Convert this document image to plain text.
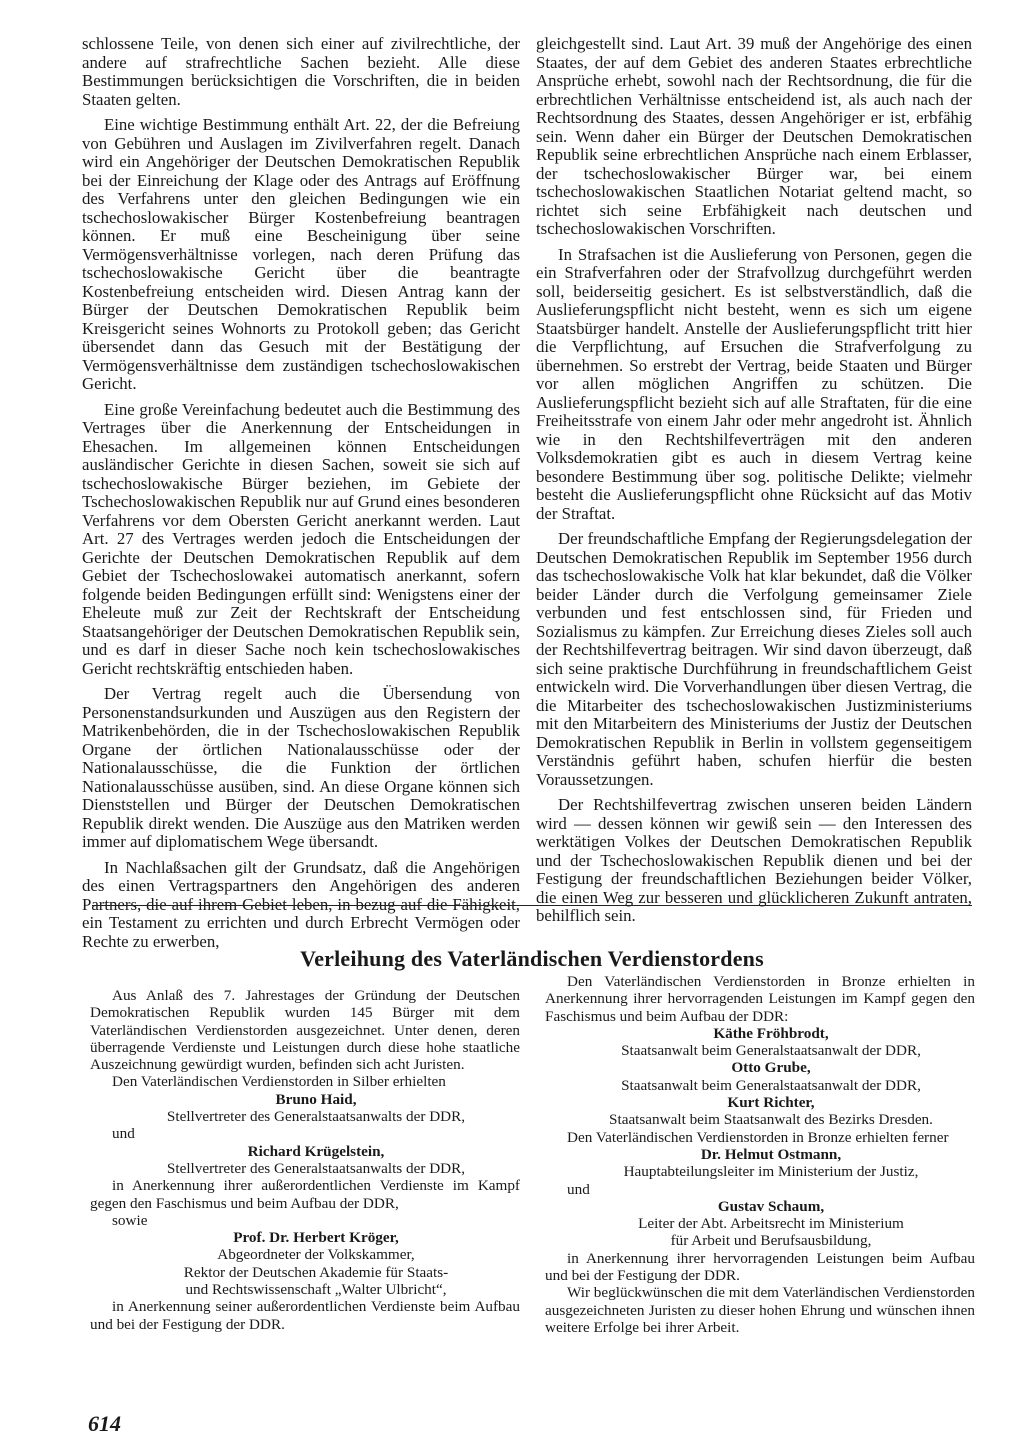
schlossene Teile, von denen sich einer auf zivilrechtliche, der andere auf strafrechtliche Sachen bezieht. Alle diese Bestimmungen berücksichtigen die Vorschriften, die in beiden Staaten gelten.

Eine wichtige Bestimmung enthält Art. 22, der die Befreiung von Gebühren und Auslagen im Zivilverfahren regelt. Danach wird ein Angehöriger der Deutschen Demokratischen Republik bei der Einreichung der Klage oder des Antrags auf Eröffnung des Verfahrens unter den gleichen Bedingungen wie ein tschechoslowakischer Bürger Kostenbefreiung beantragen können. Er muß eine Bescheinigung über seine Vermögensverhältnisse vorlegen, nach deren Prüfung das tschechoslowakische Gericht über die beantragte Kostenbefreiung entscheiden wird. Diesen Antrag kann der Bürger der Deutschen Demokratischen Republik beim Kreisgericht seines Wohnorts zu Protokoll geben; das Gericht übersendet dann das Gesuch mit der Bestätigung der Vermögensverhältnisse dem zuständigen tschechoslowakischen Gericht.

Eine große Vereinfachung bedeutet auch die Bestimmung des Vertrages über die Anerkennung der Entscheidungen in Ehesachen. Im allgemeinen können Entscheidungen ausländischer Gerichte in diesen Sachen, soweit sie sich auf tschechoslowakische Bürger beziehen, im Gebiete der Tschechoslowakischen Republik nur auf Grund eines besonderen Verfahrens vor dem Obersten Gericht anerkannt werden. Laut Art. 27 des Vertrages werden jedoch die Entscheidungen der Gerichte der Deutschen Demokratischen Republik auf dem Gebiet der Tschechoslowakei automatisch anerkannt, sofern folgende beiden Bedingungen erfüllt sind: Wenigstens einer der Eheleute muß zur Zeit der Rechtskraft der Entscheidung Staatsangehöriger der Deutschen Demokratischen Republik sein, und es darf in dieser Sache noch kein tschechoslowakisches Gericht rechtskräftig entschieden haben.

Der Vertrag regelt auch die Übersendung von Personenstandsurkunden und Auszügen aus den Registern der Matrikenbehörden, die in der Tschechoslowakischen Republik Organe der örtlichen Nationalausschüsse oder der Nationalausschüsse, die die Funktion der örtlichen Nationalausschüsse ausüben, sind. An diese Organe können sich Dienststellen und Bürger der Deutschen Demokratischen Republik direkt wenden. Die Auszüge aus den Matriken werden immer auf diplomatischem Wege übersandt.

In Nachlaßsachen gilt der Grundsatz, daß die Angehörigen des einen Vertragspartners den Angehörigen des anderen Partners, die auf ihrem Gebiet leben, in bezug auf die Fähigkeit, ein Testament zu errichten und durch Erbrecht Vermögen oder Rechte zu erwerben,

gleichgestellt sind. Laut Art. 39 muß der Angehörige des einen Staates, der auf dem Gebiet des anderen Staates erbrechtliche Ansprüche erhebt, sowohl nach der Rechtsordnung, die für die erbrechtlichen Verhältnisse entscheidend ist, als auch nach der Rechtsordnung des Staates, dessen Angehöriger er ist, erbfähig sein. Wenn daher ein Bürger der Deutschen Demokratischen Republik seine erbrechtlichen Ansprüche nach einem Erblasser, der tschechoslowakischer Bürger war, bei einem tschechoslowakischen Staatlichen Notariat geltend macht, so richtet sich seine Erbfähigkeit nach deutschen und tschechoslowakischen Vorschriften.

In Strafsachen ist die Auslieferung von Personen, gegen die ein Strafverfahren oder der Strafvollzug durchgeführt werden soll, beiderseitig gesichert. Es ist selbstverständlich, daß die Auslieferungspflicht nicht besteht, wenn es sich um eigene Staatsbürger handelt. Anstelle der Auslieferungspflicht tritt hier die Verpflichtung, auf Ersuchen die Strafverfolgung zu übernehmen. So erstrebt der Vertrag, beide Staaten und Bürger vor allen möglichen Angriffen zu schützen. Die Auslieferungspflicht bezieht sich auf alle Straftaten, für die eine Freiheitsstrafe von einem Jahr oder mehr angedroht ist. Ähnlich wie in den Rechtshilfeverträgen mit den anderen Volksdemokratien gibt es auch in diesem Vertrag keine besondere Bestimmung über sog. politische Delikte; vielmehr besteht die Auslieferungspflicht ohne Rücksicht auf das Motiv der Straftat.

Der freundschaftliche Empfang der Regierungsdelegation der Deutschen Demokratischen Republik im September 1956 durch das tschechoslowakische Volk hat klar bekundet, daß die Völker beider Länder durch die Verfolgung gemeinsamer Ziele verbunden und fest entschlossen sind, für Frieden und Sozialismus zu kämpfen. Zur Erreichung dieses Zieles soll auch der Rechtshilfevertrag beitragen. Wir sind davon überzeugt, daß sich seine praktische Durchführung in freundschaftlichem Geist entwickeln wird. Die Vorverhandlungen über diesen Vertrag, die die Mitarbeiter des tschechoslowakischen Justizministeriums mit den Mitarbeitern des Ministeriums der Justiz der Deutschen Demokratischen Republik in Berlin in vollstem gegenseitigem Verständnis geführt haben, schufen hierfür die besten Voraussetzungen.

Der Rechtshilfevertrag zwischen unseren beiden Ländern wird — dessen können wir gewiß sein — den Interessen des werktätigen Volkes der Deutschen Demokratischen Republik und der Tschechoslowakischen Republik dienen und bei der Festigung der freundschaftlichen Beziehungen beider Völker, die einen Weg zur besseren und glücklicheren Zukunft antraten, behilflich sein.

Verleihung des Vaterländischen Verdienstordens

Aus Anlaß des 7. Jahrestages der Gründung der Deutschen Demokratischen Republik wurden 145 Bürger mit dem Vaterländischen Verdienstorden ausgezeichnet. Unter denen, deren überragende Verdienste und Leistungen durch diese hohe staatliche Auszeichnung gewürdigt wurden, befinden sich acht Juristen.

Den Vaterländischen Verdienstorden in Silber erhielten

Bruno Haid,

Stellvertreter des Generalstaatsanwalts der DDR,

und

Richard Krügelstein,

Stellvertreter des Generalstaatsanwalts der DDR,

in Anerkennung ihrer außerordentlichen Verdienste im Kampf gegen den Faschismus und beim Aufbau der DDR,

sowie

Prof. Dr. Herbert Kröger,

Abgeordneter der Volkskammer,

Rektor der Deutschen Akademie für Staats-

und Rechtswissenschaft „Walter Ulbricht“,

in Anerkennung seiner außerordentlichen Verdienste beim Aufbau und bei der Festigung der DDR.

Den Vaterländischen Verdienstorden in Bronze erhielten in Anerkennung ihrer hervorragenden Leistungen im Kampf gegen den Faschismus und beim Aufbau der DDR:

Käthe Fröhbrodt,

Staatsanwalt beim Generalstaatsanwalt der DDR,

Otto Grube,

Staatsanwalt beim Generalstaatsanwalt der DDR,

Kurt Richter,

Staatsanwalt beim Staatsanwalt des Bezirks Dresden.

Den Vaterländischen Verdienstorden in Bronze erhielten ferner

Dr. Helmut Ostmann,

Hauptabteilungsleiter im Ministerium der Justiz,

und

Gustav Schaum,

Leiter der Abt. Arbeitsrecht im Ministerium

für Arbeit und Berufsausbildung,

in Anerkennung ihrer hervorragenden Leistungen beim Aufbau und bei der Festigung der DDR.

Wir beglückwünschen die mit dem Vaterländischen Verdienstorden ausgezeichneten Juristen zu dieser hohen Ehrung und wünschen ihnen weitere Erfolge bei ihrer Arbeit.

614
